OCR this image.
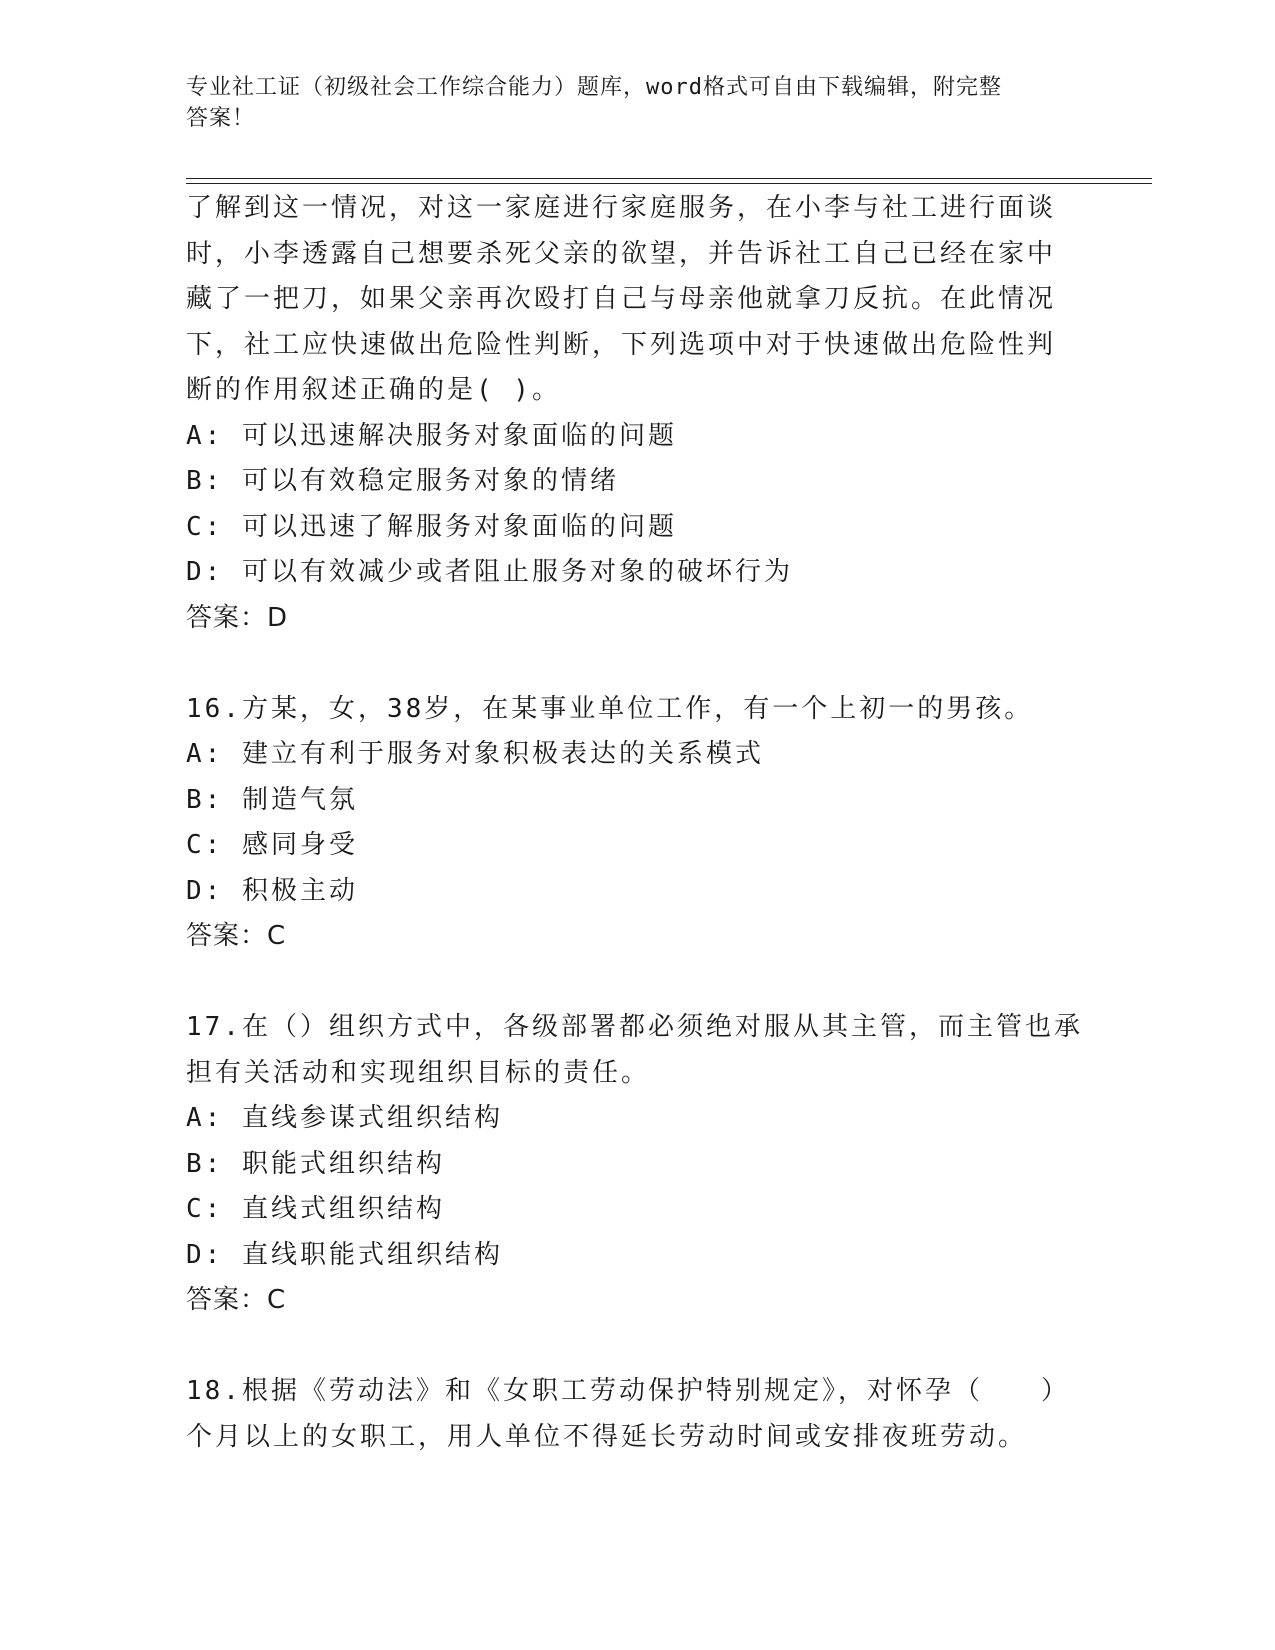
专业社工证（初级社会工作综合能力）题库，word格式可自由下载编辑，附完整
答案！
了解到这一情况，对这一家庭进行家庭服务，在小李与社工进行面谈
时，小李透露自己想要杀死父亲的欲望，并告诉社工自己已经在家中
藏了一把刀，如果父亲再次殴打自己与母亲他就拿刀反抗。在此情况
下，社工应快速做出危险性判断，下列选项中对于快速做出危险性判
断的作用叙述正确的是( )。
A: 可以迅速解决服务对象面临的问题
B: 可以有效稳定服务对象的情绪
C: 可以迅速了解服务对象面临的问题
D: 可以有效减少或者阻止服务对象的破坏行为
答案：D
16.方某，女，38岁，在某事业单位工作，有一个上初一的男孩。
A: 建立有利于服务对象积极表达的关系模式
B: 制造气氛
C: 感同身受
D: 积极主动
答案：C
17.在（）组织方式中，各级部署都必须绝对服从其主管，而主管也承
担有关活动和实现组织目标的责任。
A: 直线参谋式组织结构
B: 职能式组织结构
C: 直线式组织结构
D: 直线职能式组织结构
答案：C
18.根据《劳动法》和《女职工劳动保护特别规定》，对怀孕（　　）
个月以上的女职工，用人单位不得延长劳动时间或安排夜班劳动。
